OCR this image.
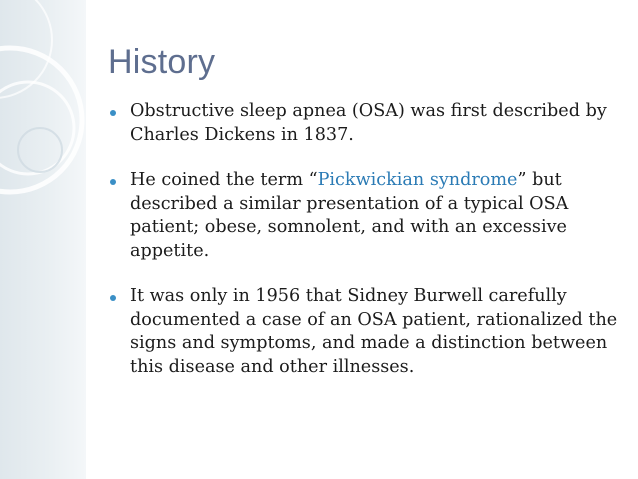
History
Obstructive sleep apnea (OSA) was first described by Charles Dickens in 1837.
He coined the term “Pickwickian syndrome” but described a similar presentation of a typical OSA patient; obese, somnolent, and with an excessive appetite.
It was only in 1956 that Sidney Burwell carefully documented a case of an OSA patient, rationalized the signs and symptoms, and made a distinction between this disease and other illnesses.
